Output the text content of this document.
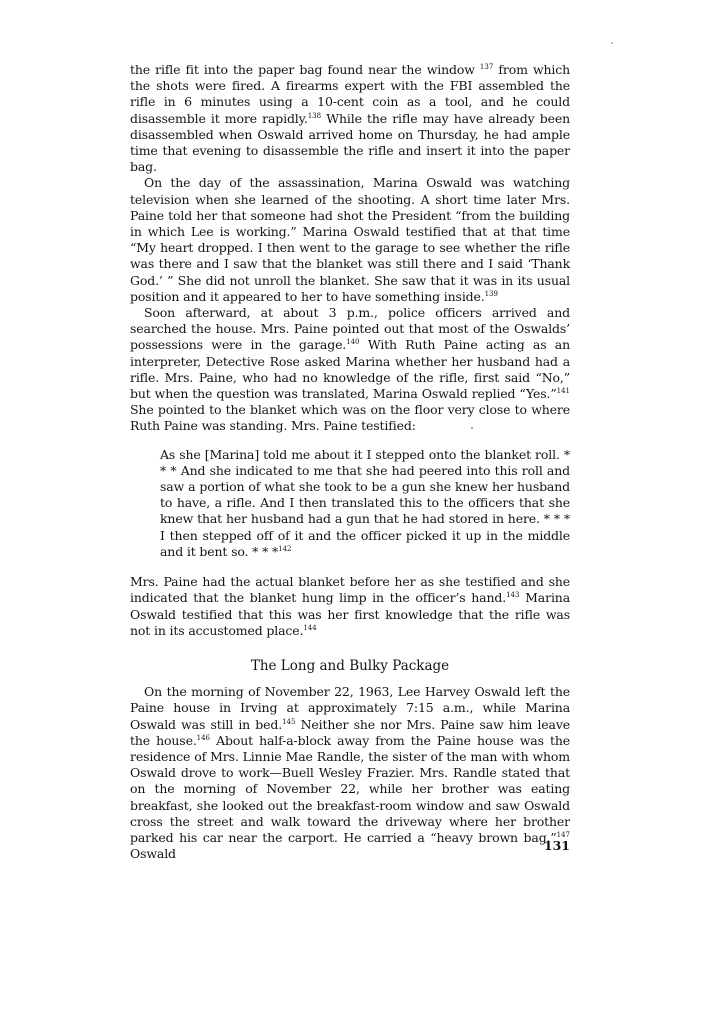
the rifle fit into the paper bag found near the window $^{137}$ from which the shots were fired. A firearms expert with the FBI assembled the rifle in 6 minutes using a 10-cent coin as a tool, and he could disassemble it more rapidly.$^{138}$ While the rifle may have already been disassembled when Oswald arrived home on Thursday, he had ample time that evening to disassemble the rifle and insert it into the paper bag.

On the day of the assassination, Marina Oswald was watching television when she learned of the shooting. A short time later Mrs. Paine told her that someone had shot the President “from the building in which Lee is working.” Marina Oswald testified that at that time “My heart dropped. I then went to the garage to see whether the rifle was there and I saw that the blanket was still there and I said ‘Thank God.’ ” She did not unroll the blanket. She saw that it was in its usual position and it appeared to her to have something inside.$^{139}$

Soon afterward, at about 3 p.m., police officers arrived and searched the house. Mrs. Paine pointed out that most of the Oswalds’ possessions were in the garage.$^{140}$ With Ruth Paine acting as an interpreter, Detective Rose asked Marina whether her husband had a rifle. Mrs. Paine, who had no knowledge of the rifle, first said “No,” but when the question was translated, Marina Oswald replied “Yes.”$^{141}$ She pointed to the blanket which was on the floor very close to where Ruth Paine was standing. Mrs. Paine testified:

As she [Marina] told me about it I stepped onto the blanket roll. * * * And she indicated to me that she had peered into this roll and saw a portion of what she took to be a gun she knew her husband to have, a rifle. And I then translated this to the officers that she knew that her husband had a gun that he had stored in here. * * * I then stepped off of it and the officer picked it up in the middle and it bent so. * * *$^{142}$

Mrs. Paine had the actual blanket before her as she testified and she indicated that the blanket hung limp in the officer’s hand.$^{143}$ Marina Oswald testified that this was her first knowledge that the rifle was not in its accustomed place.$^{144}$

The Long and Bulky Package

On the morning of November 22, 1963, Lee Harvey Oswald left the Paine house in Irving at approximately 7:15 a.m., while Marina Oswald was still in bed.$^{145}$ Neither she nor Mrs. Paine saw him leave the house.$^{146}$ About half-a-block away from the Paine house was the residence of Mrs. Linnie Mae Randle, the sister of the man with whom Oswald drove to work—Buell Wesley Frazier. Mrs. Randle stated that on the morning of November 22, while her brother was eating breakfast, she looked out the breakfast-room window and saw Oswald cross the street and walk toward the driveway where her brother parked his car near the carport. He carried a “heavy brown bag.”$^{147}$ Oswald

131
